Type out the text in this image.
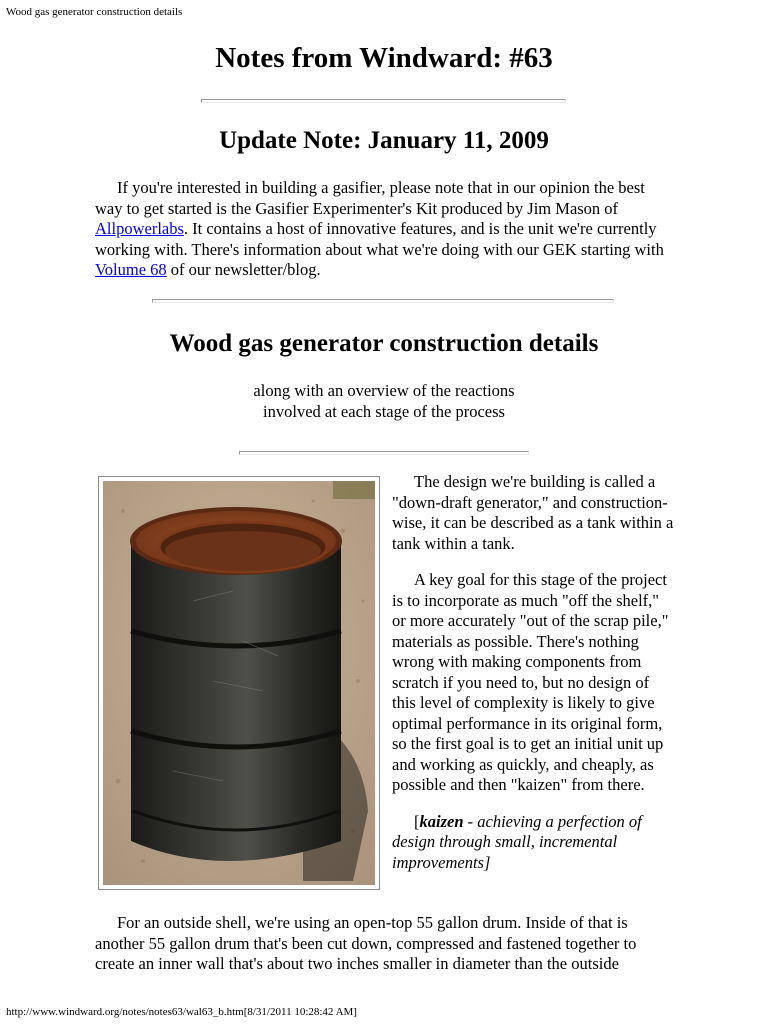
Wood gas generator construction details
Notes from Windward: #63
Update Note: January 11, 2009
If you're interested in building a gasifier, please note that in our opinion the best way to get started is the Gasifier Experimenter's Kit produced by Jim Mason of Allpowerlabs. It contains a host of innovative features, and is the unit we're currently working with. There's information about what we're doing with our GEK starting with Volume 68 of our newsletter/blog.
Wood gas generator construction details
along with an overview of the reactions
involved at each stage of the process

The design we're building is called a "down-draft generator," and construction-wise, it can be described as a tank within a tank within a tank.

A key goal for this stage of the project is to incorporate as much "off the shelf," or more accurately "out of the scrap pile," materials as possible. There's nothing wrong with making components from scratch if you need to, but no design of this level of complexity is likely to give optimal performance in its original form, so the first goal is to get an initial unit up and working as quickly, and cheaply, as possible and then "kaizen" from there.

[kaizen - achieving a perfection of design through small, incremental improvements]

For an outside shell, we're using an open-top 55 gallon drum. Inside of that is another 55 gallon drum that's been cut down, compressed and fastened together to create an inner wall that's about two inches smaller in diameter than the outside
http://www.windward.org/notes/notes63/wal63_b.htm[8/31/2011 10:28:42 AM]
